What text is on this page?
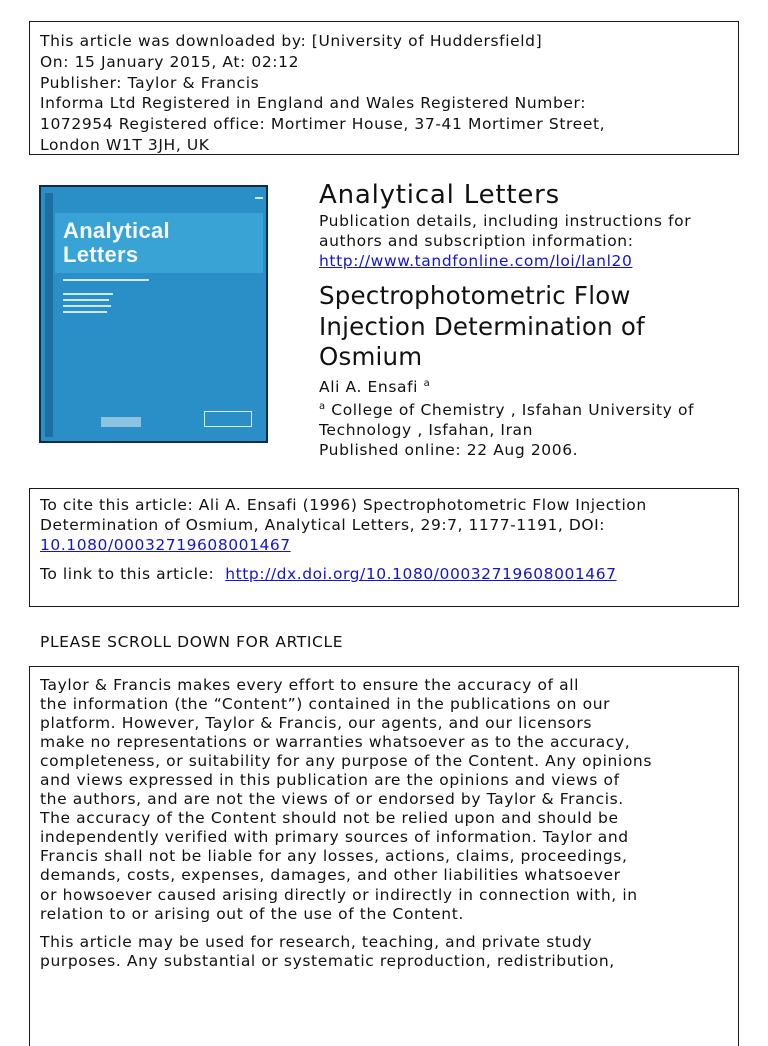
This article was downloaded by: [University of Huddersfield]
On: 15 January 2015, At: 02:12
Publisher: Taylor & Francis
Informa Ltd Registered in England and Wales Registered Number:
1072954 Registered office: Mortimer House, 37-41 Mortimer Street,
London W1T 3JH, UK
Analytical
Letters
Analytical Letters
Publication details, including instructions for
authors and subscription information:
http://www.tandfonline.com/loi/lanl20
Spectrophotometric Flow
Injection Determination of
Osmium
Ali A. Ensafi $^a$
$^a$ College of Chemistry , Isfahan University of
Technology , Isfahan, Iran
Published online: 22 Aug 2006.
To cite this article: Ali A. Ensafi (1996) Spectrophotometric Flow Injection
Determination of Osmium, Analytical Letters, 29:7, 1177-1191, DOI:
10.1080/00032719608001467
To link to this article: http://dx.doi.org/10.1080/00032719608001467
PLEASE SCROLL DOWN FOR ARTICLE
Taylor & Francis makes every effort to ensure the accuracy of all
the information (the “Content”) contained in the publications on our
platform. However, Taylor & Francis, our agents, and our licensors
make no representations or warranties whatsoever as to the accuracy,
completeness, or suitability for any purpose of the Content. Any opinions
and views expressed in this publication are the opinions and views of
the authors, and are not the views of or endorsed by Taylor & Francis.
The accuracy of the Content should not be relied upon and should be
independently verified with primary sources of information. Taylor and
Francis shall not be liable for any losses, actions, claims, proceedings,
demands, costs, expenses, damages, and other liabilities whatsoever
or howsoever caused arising directly or indirectly in connection with, in
relation to or arising out of the use of the Content.
This article may be used for research, teaching, and private study
purposes. Any substantial or systematic reproduction, redistribution,
